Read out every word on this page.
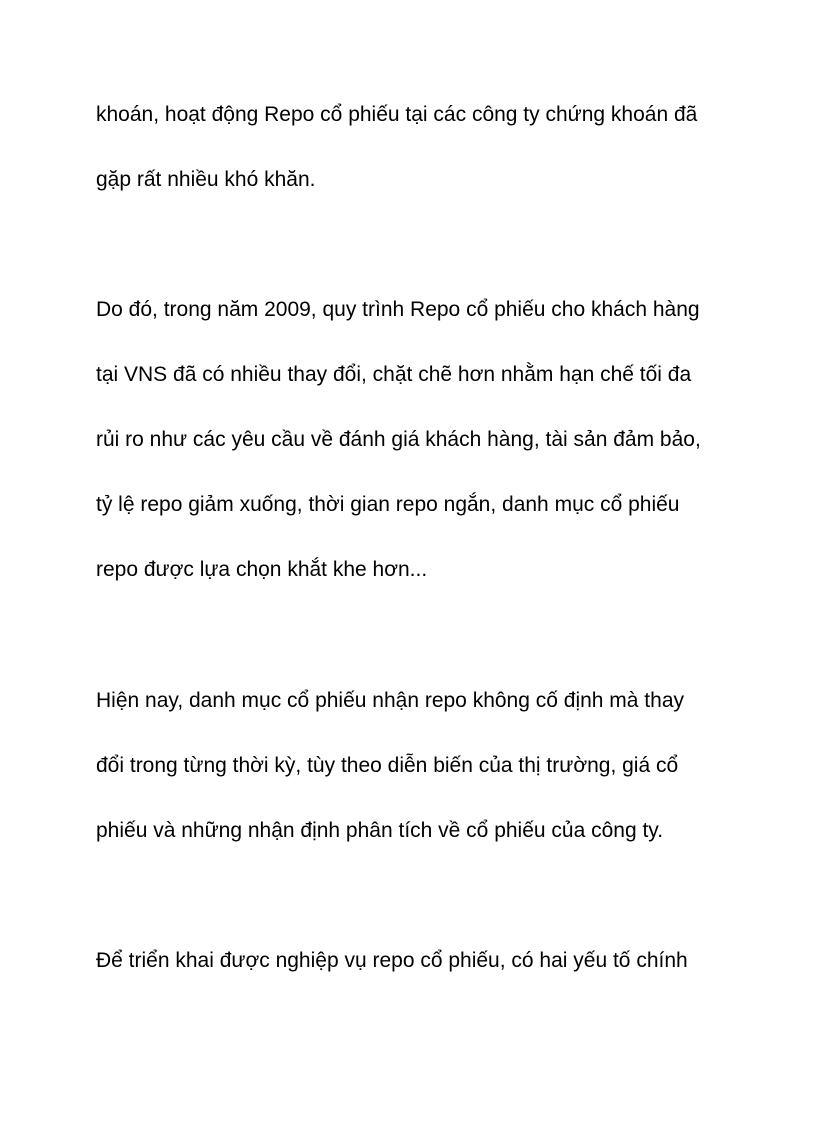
khoán, hoạt động Repo cổ phiếu tại các công ty chứng khoán đã

gặp rất nhiều khó khăn.

Do đó, trong năm 2009, quy trình Repo cổ phiếu cho khách hàng

tại VNS đã có nhiều thay đổi, chặt chẽ hơn nhằm hạn chế tối đa

rủi ro như các yêu cầu về đánh giá khách hàng, tài sản đảm bảo,

tỷ lệ repo giảm xuống, thời gian repo ngắn, danh mục cổ phiếu

repo được lựa chọn khắt khe hơn...

Hiện nay, danh mục cổ phiếu nhận repo không cố định mà thay

đổi trong từng thời kỳ, tùy theo diễn biến của thị trường, giá cổ

phiếu và những nhận định phân tích về cổ phiếu của công ty.

Để triển khai được nghiệp vụ repo cổ phiếu, có hai yếu tố chính
